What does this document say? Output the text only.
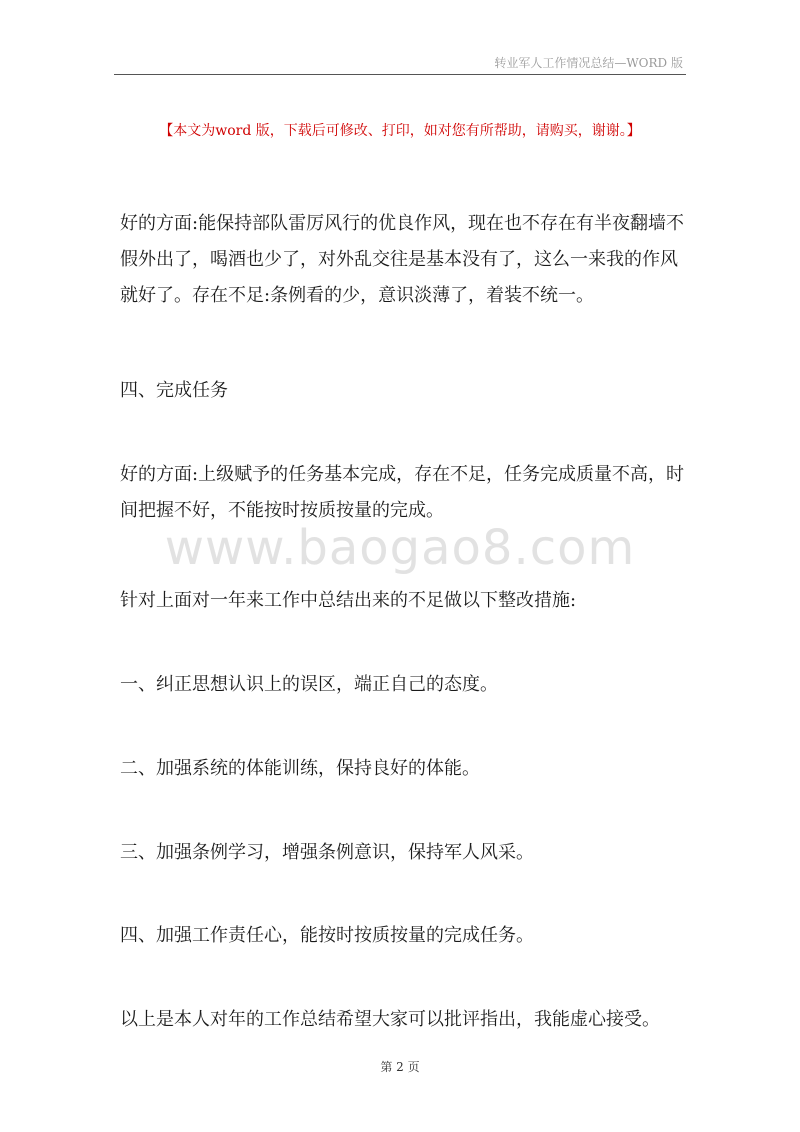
转业军人工作情况总结—WORD 版
【本文为word 版，下载后可修改、打印，如对您有所帮助，请购买，谢谢。】

好的方面:能保持部队雷厉风行的优良作风，现在也不存在有半夜翻墙不假外出了，喝酒也少了，对外乱交往是基本没有了，这么一来我的作风就好了。存在不足:条例看的少，意识淡薄了，着装不统一。

四、完成任务

好的方面:上级赋予的任务基本完成，存在不足，任务完成质量不高，时间把握不好，不能按时按质按量的完成。

www.baogao8.com

针对上面对一年来工作中总结出来的不足做以下整改措施:

一、纠正思想认识上的误区，端正自己的态度。

二、加强系统的体能训练，保持良好的体能。

三、加强条例学习，增强条例意识，保持军人风采。

四、加强工作责任心，能按时按质按量的完成任务。

以上是本人对年的工作总结希望大家可以批评指出，我能虚心接受。

第 2 页
